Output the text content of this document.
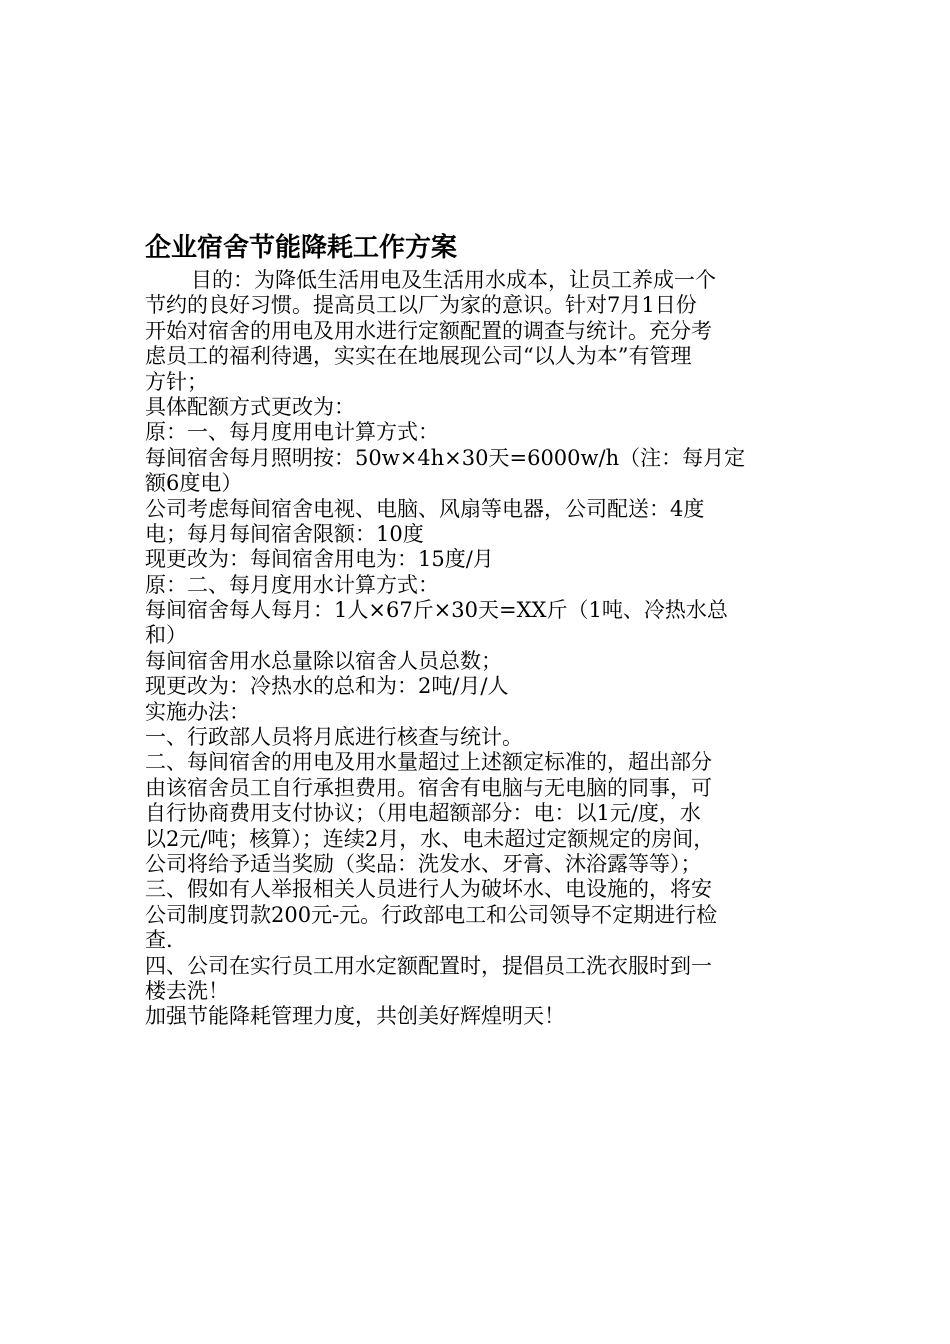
企业宿舍节能降耗工作方案
目的：为降低生活用电及生活用水成本，让员工养成一个
节约的良好习惯。提高员工以厂为家的意识。针对7月1日份
开始对宿舍的用电及用水进行定额配置的调查与统计。充分考
虑员工的福利待遇，实实在在地展现公司“以人为本”有管理
方针；
具体配额方式更改为：
原：一、每月度用电计算方式：
每间宿舍每月照明按：50w×4h×30天=6000w/h（注：每月定
额6度电）
公司考虑每间宿舍电视、电脑、风扇等电器，公司配送：4度
电；每月每间宿舍限额：10度
现更改为：每间宿舍用电为：15度/月
原：二、每月度用水计算方式：
每间宿舍每人每月：1人×67斤×30天=XX斤（1吨、冷热水总
和）
每间宿舍用水总量除以宿舍人员总数；
现更改为：冷热水的总和为：2吨/月/人
实施办法：
一、行政部人员将月底进行核查与统计。
二、每间宿舍的用电及用水量超过上述额定标准的，超出部分
由该宿舍员工自行承担费用。宿舍有电脑与无电脑的同事，可
自行协商费用支付协议；（用电超额部分：电：以1元/度，水
以2元/吨；核算）；连续2月，水、电未超过定额规定的房间，
公司将给予适当奖励（奖品：洗发水、牙膏、沐浴露等等）；
三、假如有人举报相关人员进行人为破坏水、电设施的，将安
公司制度罚款200元-元。行政部电工和公司领导不定期进行检
查.
四、公司在实行员工用水定额配置时，提倡员工洗衣服时到一
楼去洗！
加强节能降耗管理力度，共创美好辉煌明天！
